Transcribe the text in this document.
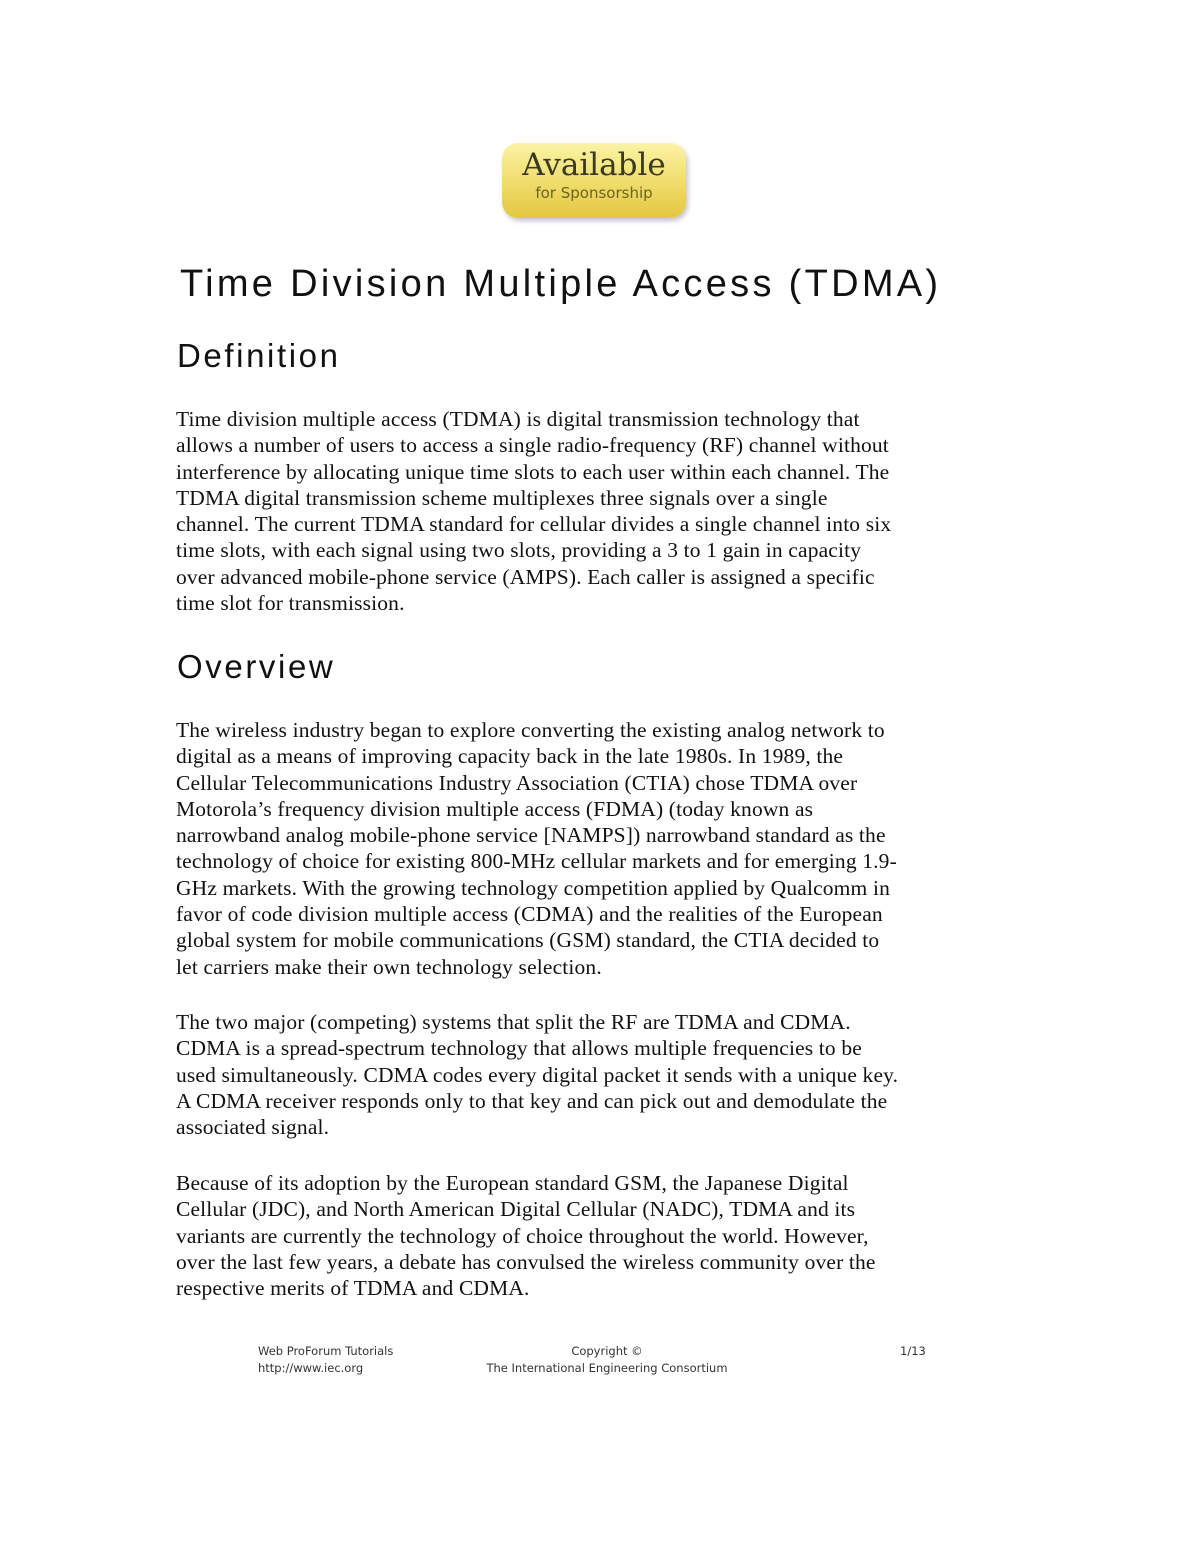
Available
for Sponsorship
Time Division Multiple Access (TDMA)
Definition

Time division multiple access (TDMA) is digital transmission technology that
allows a number of users to access a single radio-frequency (RF) channel without
interference by allocating unique time slots to each user within each channel. The
TDMA digital transmission scheme multiplexes three signals over a single
channel. The current TDMA standard for cellular divides a single channel into six
time slots, with each signal using two slots, providing a 3 to 1 gain in capacity
over advanced mobile-phone service (AMPS). Each caller is assigned a specific
time slot for transmission.

Overview

The wireless industry began to explore converting the existing analog network to
digital as a means of improving capacity back in the late 1980s. In 1989, the
Cellular Telecommunications Industry Association (CTIA) chose TDMA over
Motorola’s frequency division multiple access (FDMA) (today known as
narrowband analog mobile-phone service [NAMPS]) narrowband standard as the
technology of choice for existing 800-MHz cellular markets and for emerging 1.9-
GHz markets. With the growing technology competition applied by Qualcomm in
favor of code division multiple access (CDMA) and the realities of the European
global system for mobile communications (GSM) standard, the CTIA decided to
let carriers make their own technology selection.

The two major (competing) systems that split the RF are TDMA and CDMA.
CDMA is a spread-spectrum technology that allows multiple frequencies to be
used simultaneously. CDMA codes every digital packet it sends with a unique key.
A CDMA receiver responds only to that key and can pick out and demodulate the
associated signal.

Because of its adoption by the European standard GSM, the Japanese Digital
Cellular (JDC), and North American Digital Cellular (NADC), TDMA and its
variants are currently the technology of choice throughout the world. However,
over the last few years, a debate has convulsed the wireless community over the
respective merits of TDMA and CDMA.

Web ProForum Tutorials
http://www.iec.org
Copyright ©
The International Engineering Consortium
1/13
